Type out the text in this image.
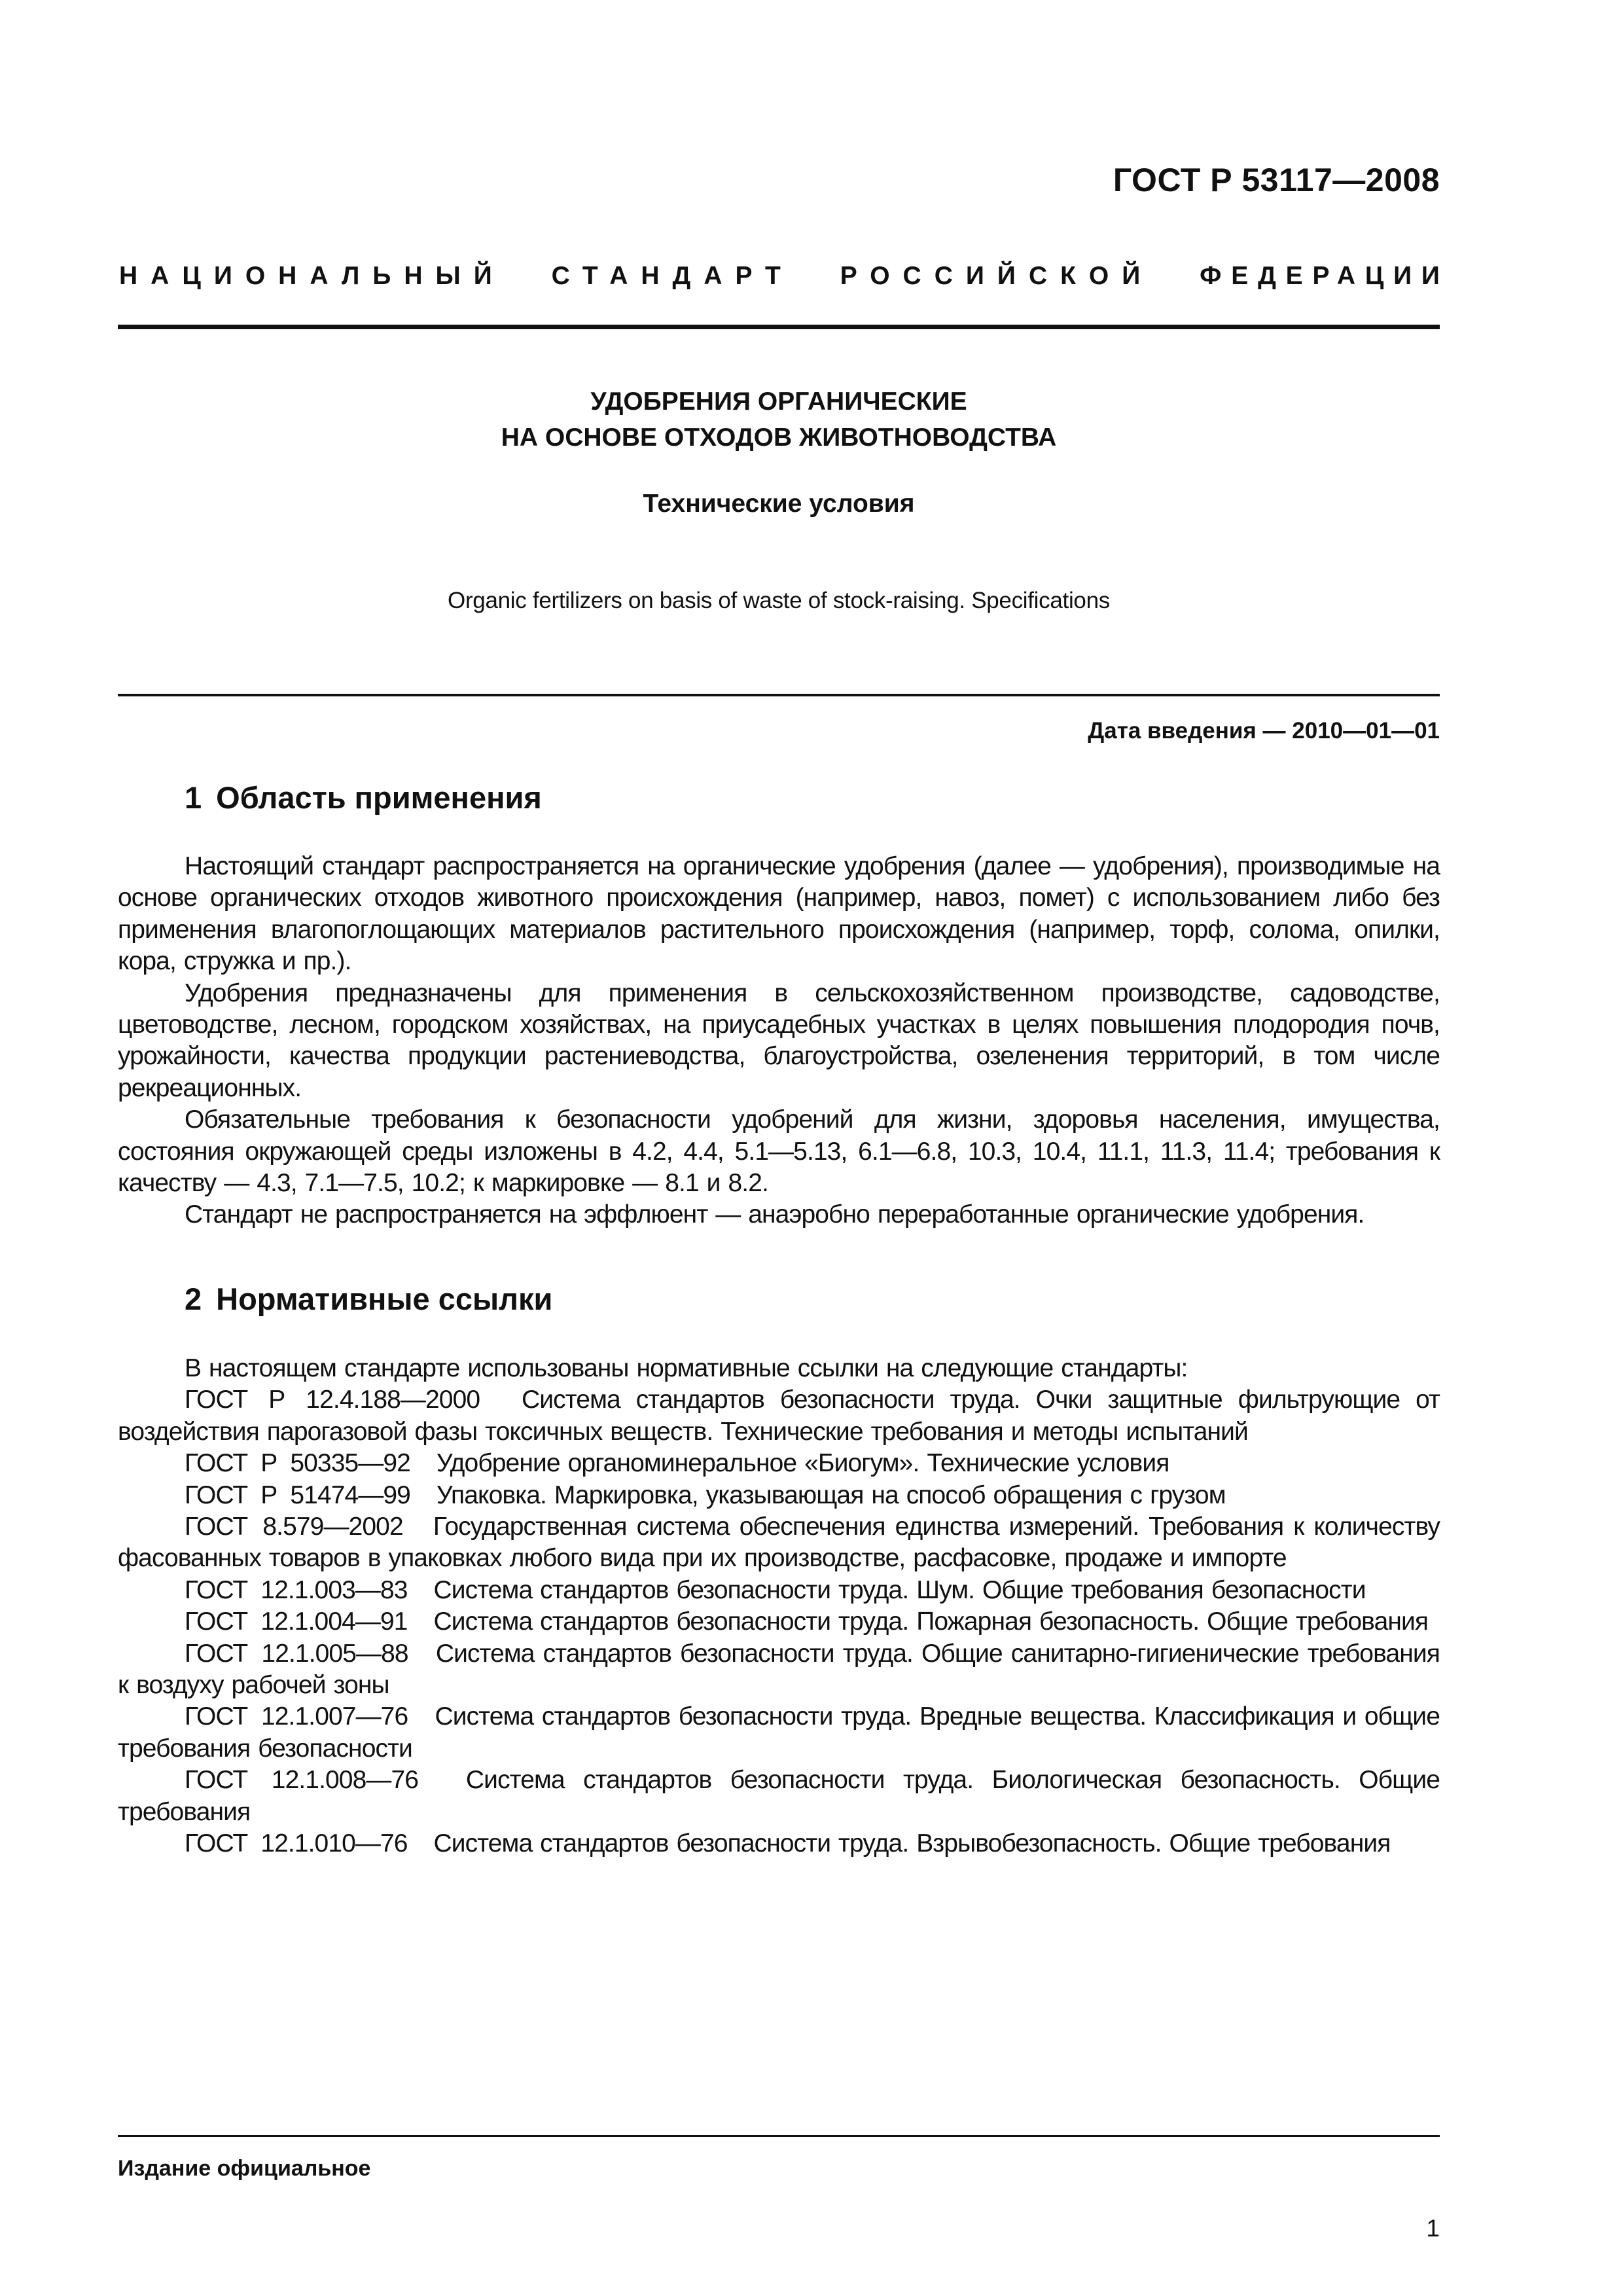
ГОСТ Р 53117—2008
НАЦИОНАЛЬНЫЙ СТАНДАРТ РОССИЙСКОЙ ФЕДЕРАЦИИ
УДОБРЕНИЯ ОРГАНИЧЕСКИЕ
НА ОСНОВЕ ОТХОДОВ ЖИВОТНОВОДСТВА
Технические условия
Organic fertilizers on basis of waste of stock-raising. Specifications
Дата введения — 2010—01—01
1 Область применения
Настоящий стандарт распространяется на органические удобрения (далее — удобрения), производимые на основе органических отходов животного происхождения (например, навоз, помет) с использованием либо без применения влагопоглощающих материалов растительного происхождения (например, торф, солома, опилки, кора, стружка и пр.).
Удобрения предназначены для применения в сельскохозяйственном производстве, садоводстве, цветоводстве, лесном, городском хозяйствах, на приусадебных участках в целях повышения плодородия почв, урожайности, качества продукции растениеводства, благоустройства, озеленения территорий, в том числе рекреационных.
Обязательные требования к безопасности удобрений для жизни, здоровья населения, имущества, состояния окружающей среды изложены в 4.2, 4.4, 5.1—5.13, 6.1—6.8, 10.3, 10.4, 11.1, 11.3, 11.4; требования к качеству — 4.3, 7.1—7.5, 10.2; к маркировке — 8.1 и 8.2.
Стандарт не распространяется на эффлюент — анаэробно переработанные органические удобрения.
2 Нормативные ссылки
В настоящем стандарте использованы нормативные ссылки на следующие стандарты:
ГОСТ Р 12.4.188—2000 Система стандартов безопасности труда. Очки защитные фильтрующие от воздействия парогазовой фазы токсичных веществ. Технические требования и методы испытаний
ГОСТ Р 50335—92 Удобрение органоминеральное «Биогум». Технические условия
ГОСТ Р 51474—99 Упаковка. Маркировка, указывающая на способ обращения с грузом
ГОСТ 8.579—2002 Государственная система обеспечения единства измерений. Требования к количеству фасованных товаров в упаковках любого вида при их производстве, расфасовке, продаже и импорте
ГОСТ 12.1.003—83 Система стандартов безопасности труда. Шум. Общие требования безопасности
ГОСТ 12.1.004—91 Система стандартов безопасности труда. Пожарная безопасность. Общие требования
ГОСТ 12.1.005—88 Система стандартов безопасности труда. Общие санитарно-гигиенические требования к воздуху рабочей зоны
ГОСТ 12.1.007—76 Система стандартов безопасности труда. Вредные вещества. Классификация и общие требования безопасности
ГОСТ 12.1.008—76 Система стандартов безопасности труда. Биологическая безопасность. Общие требования
ГОСТ 12.1.010—76 Система стандартов безопасности труда. Взрывобезопасность. Общие требования
Издание официальное
1
